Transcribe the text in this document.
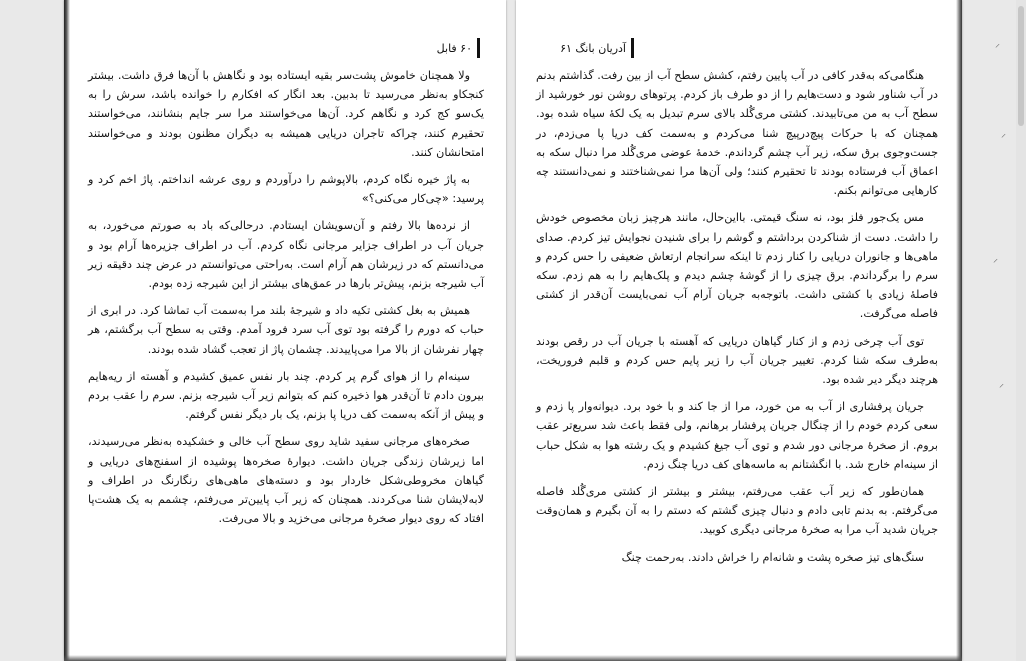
۶۰ فابل

ولا همچنان خاموش پشت‌سر بقیه ایستاده بود و نگاهش با آن‌ها فرق داشت. بیشتر کنجکاو به‌نظر می‌رسید تا بدبین. بعد انگار که افکارم را خوانده باشد، سرش را به یک‌سو کج کرد و نگاهم کرد. آن‌ها می‌خواستند مرا سر جایم بنشانند، می‌خواستند تحقیرم کنند، چراکه تاجران دریایی همیشه به دیگران مظنون بودند و می‌خواستند امتحانشان کنند.

به پاژ خیره نگاه کردم، بالاپوشم را درآوردم و روی عرشه انداختم. پاژ اخم کرد و پرسید: «چی‌کار می‌کنی؟»

از نرده‌ها بالا رفتم و آن‌سویشان ایستادم. درحالی‌که باد به صورتم می‌خورد، به جریان آب در اطراف جزایر مرجانی نگاه کردم. آب در اطراف جزیره‌ها آرام بود و می‌دانستم که در زیرشان هم آرام است. به‌راحتی می‌توانستم در عرض چند دقیقه زیر آب شیرجه بزنم، پیش‌تر بارها در عمق‌های بیشتر از این شیرجه زده بودم.

همیش به بغل کشتی تکیه داد و شیرجهٔ بلند مرا به‌سمت آب تماشا کرد. در ابری از حباب که دورم را گرفته بود توی آب سرد فرود آمدم. وقتی به سطح آب برگشتم، هر چهار نفرشان از بالا مرا می‌پاییدند. چشمان پاژ از تعجب گشاد شده بودند.

سینه‌ام را از هوای گرم پر کردم. چند بار نفس عمیق کشیدم و آهسته از ریه‌هایم بیرون دادم تا آن‌قدر هوا ذخیره کنم که بتوانم زیر آب شیرجه بزنم. سرم را عقب بردم و پیش از آنکه به‌سمت کف دریا پا بزنم، یک بار دیگر نفس گرفتم.

صخره‌های مرجانی سفید شاید روی سطح آب خالی و خشکیده به‌نظر می‌رسیدند، اما زیرشان زندگی جریان داشت. دیوارهٔ صخره‌ها پوشیده از اسفنج‌های دریایی و گیاهان مخروطی‌شکل خاردار بود و دسته‌های ماهی‌های رنگارنگ در اطراف و لابه‌لایشان شنا می‌کردند. همچنان که زیر آب پایین‌تر می‌رفتم، چشمم به یک هشت‌پا افتاد که روی دیوار صخرهٔ مرجانی می‌خزید و بالا می‌رفت.

آدریان بانگ ۶۱

هنگامی‌که به‌قدر کافی در آب پایین رفتم، کشش سطح آب از بین رفت. گذاشتم بدنم در آب شناور شود و دست‌هایم را از دو طرف باز کردم. پرتوهای روشن نور خورشید از سطح آب به من می‌تابیدند. کشتی مری‌گُلد بالای سرم تبدیل به یک لکهٔ سیاه شده بود. همچنان که با حرکات پیچ‌درپیچ شنا می‌کردم و به‌سمت کف دریا پا می‌زدم، در جست‌وجوی برق سکه، زیر آب چشم گرداندم. خدمهٔ عوضی مری‌گُلد مرا دنبال سکه به اعماق آب فرستاده بودند تا تحقیرم کنند؛ ولی آن‌ها مرا نمی‌شناختند و نمی‌دانستند چه کارهایی می‌توانم بکنم.

مس یک‌جور فلز بود، نه سنگ قیمتی. بااین‌حال، مانند هرچیز زبان مخصوص خودش را داشت. دست از شناکردن برداشتم و گوشم را برای شنیدن نجوایش تیز کردم. صدای ماهی‌ها و جانوران دریایی را کنار زدم تا اینکه سرانجام ارتعاش ضعیفی را حس کردم و سرم را برگرداندم. برق چیزی را از گوشهٔ چشم دیدم و پلک‌هایم را به هم زدم. سکه فاصلهٔ زیادی با کشتی داشت. باتوجه‌به جریان آرام آب نمی‌بایست آن‌قدر از کشتی فاصله می‌گرفت.

توی آب چرخی زدم و از کنار گیاهان دریایی که آهسته با جریان آب در رقص بودند به‌طرف سکه شنا کردم. تغییر جریان آب را زیر پایم حس کردم و قلبم فروریخت، هرچند دیگر دیر شده بود.

جریان پرفشاری از آب به من خورد، مرا از جا کند و با خود برد. دیوانه‌وار پا زدم و سعی کردم خودم را از چنگال جریان پرفشار برهانم، ولی فقط باعث شد سریع‌تر عقب بروم. از صخرهٔ مرجانی دور شدم و توی آب جیغ کشیدم و یک رشته هوا به شکل حباب از سینه‌ام خارج شد. با انگشتانم به ماسه‌های کف دریا چنگ زدم.

همان‌طور که زیر آب عقب می‌رفتم، بیشتر و بیشتر از کشتی مری‌گُلد فاصله می‌گرفتم. به بدنم تابی دادم و دنبال چیزی گشتم که دستم را به آن بگیرم و همان‌وقت جریان شدید آب مرا به صخرهٔ مرجانی دیگری کوبید.

سنگ‌های تیز صخره پشت و شانه‌ام را خراش دادند. به‌رحمت چنگ

⸍
⸍
⸍
⸍
